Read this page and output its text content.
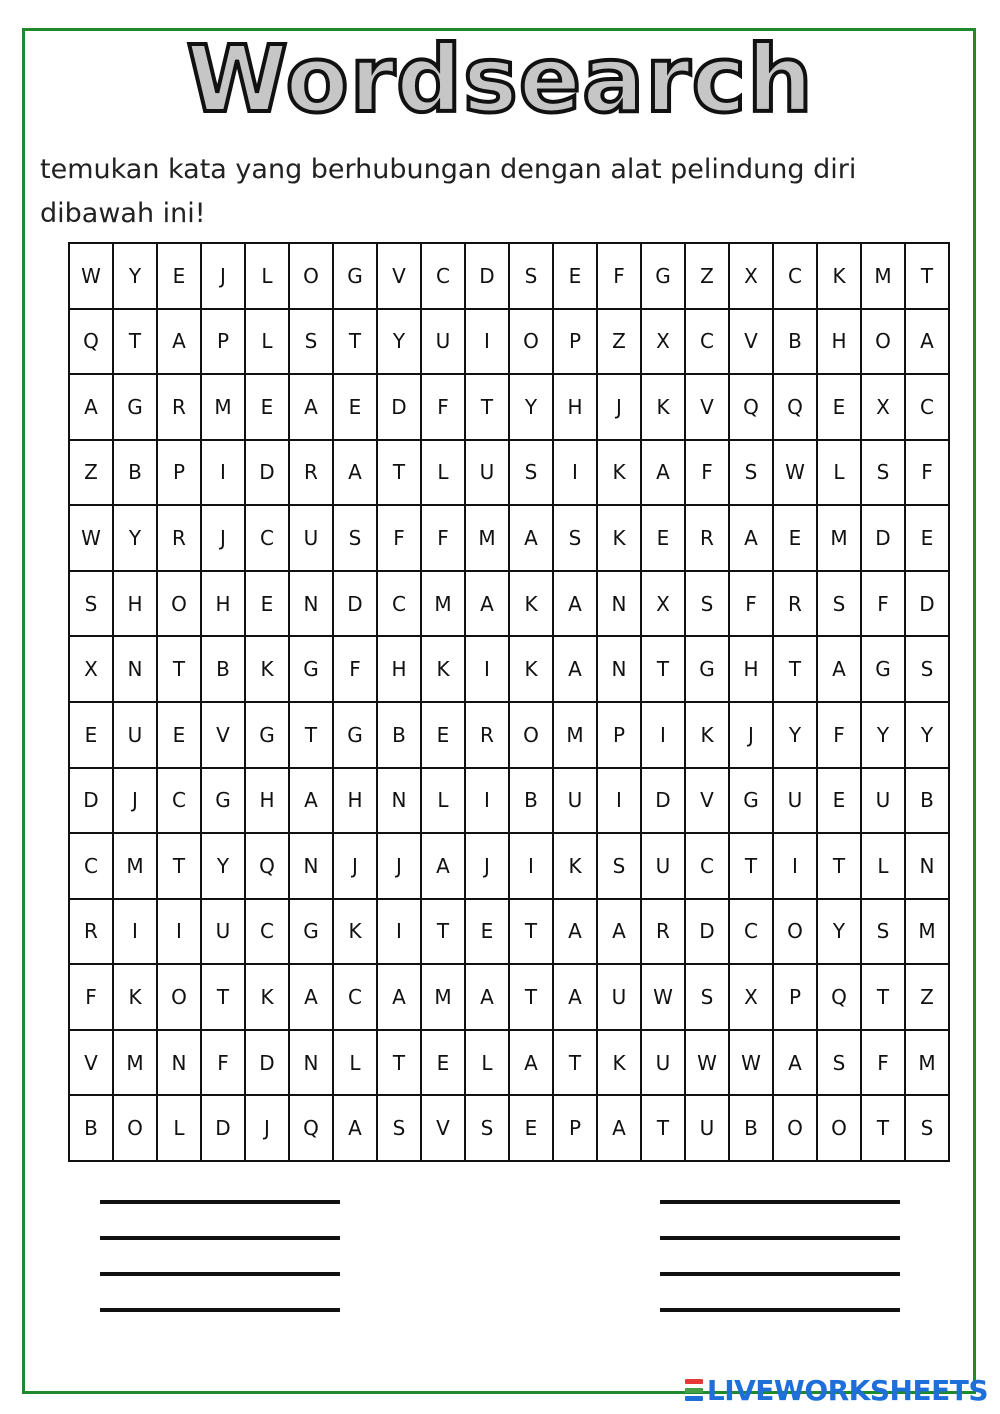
Wordsearch
temukan kata yang berhubungan dengan alat pelindung diri dibawah ini!
W	Y	E	J	L	O	G	V	C	D	S	E	F	G	Z	X	C	K	M	T
Q	T	A	P	L	S	T	Y	U	I	O	P	Z	X	C	V	B	H	O	A
A	G	R	M	E	A	E	D	F	T	Y	H	J	K	V	Q	Q	E	X	C
Z	B	P	I	D	R	A	T	L	U	S	I	K	A	F	S	W	L	S	F
W	Y	R	J	C	U	S	F	F	M	A	S	K	E	R	A	E	M	D	E
S	H	O	H	E	N	D	C	M	A	K	A	N	X	S	F	R	S	F	D
X	N	T	B	K	G	F	H	K	I	K	A	N	T	G	H	T	A	G	S
E	U	E	V	G	T	G	B	E	R	O	M	P	I	K	J	Y	F	Y	Y
D	J	C	G	H	A	H	N	L	I	B	U	I	D	V	G	U	E	U	B
C	M	T	Y	Q	N	J	J	A	J	I	K	S	U	C	T	I	T	L	N
R	I	I	U	C	G	K	I	T	E	T	A	A	R	D	C	O	Y	S	M
F	K	O	T	K	A	C	A	M	A	T	A	U	W	S	X	P	Q	T	Z
V	M	N	F	D	N	L	T	E	L	A	T	K	U	W	W	A	S	F	M
B	O	L	D	J	Q	A	S	V	S	E	P	A	T	U	B	O	O	T	S
LIVEWORKSHEETS
